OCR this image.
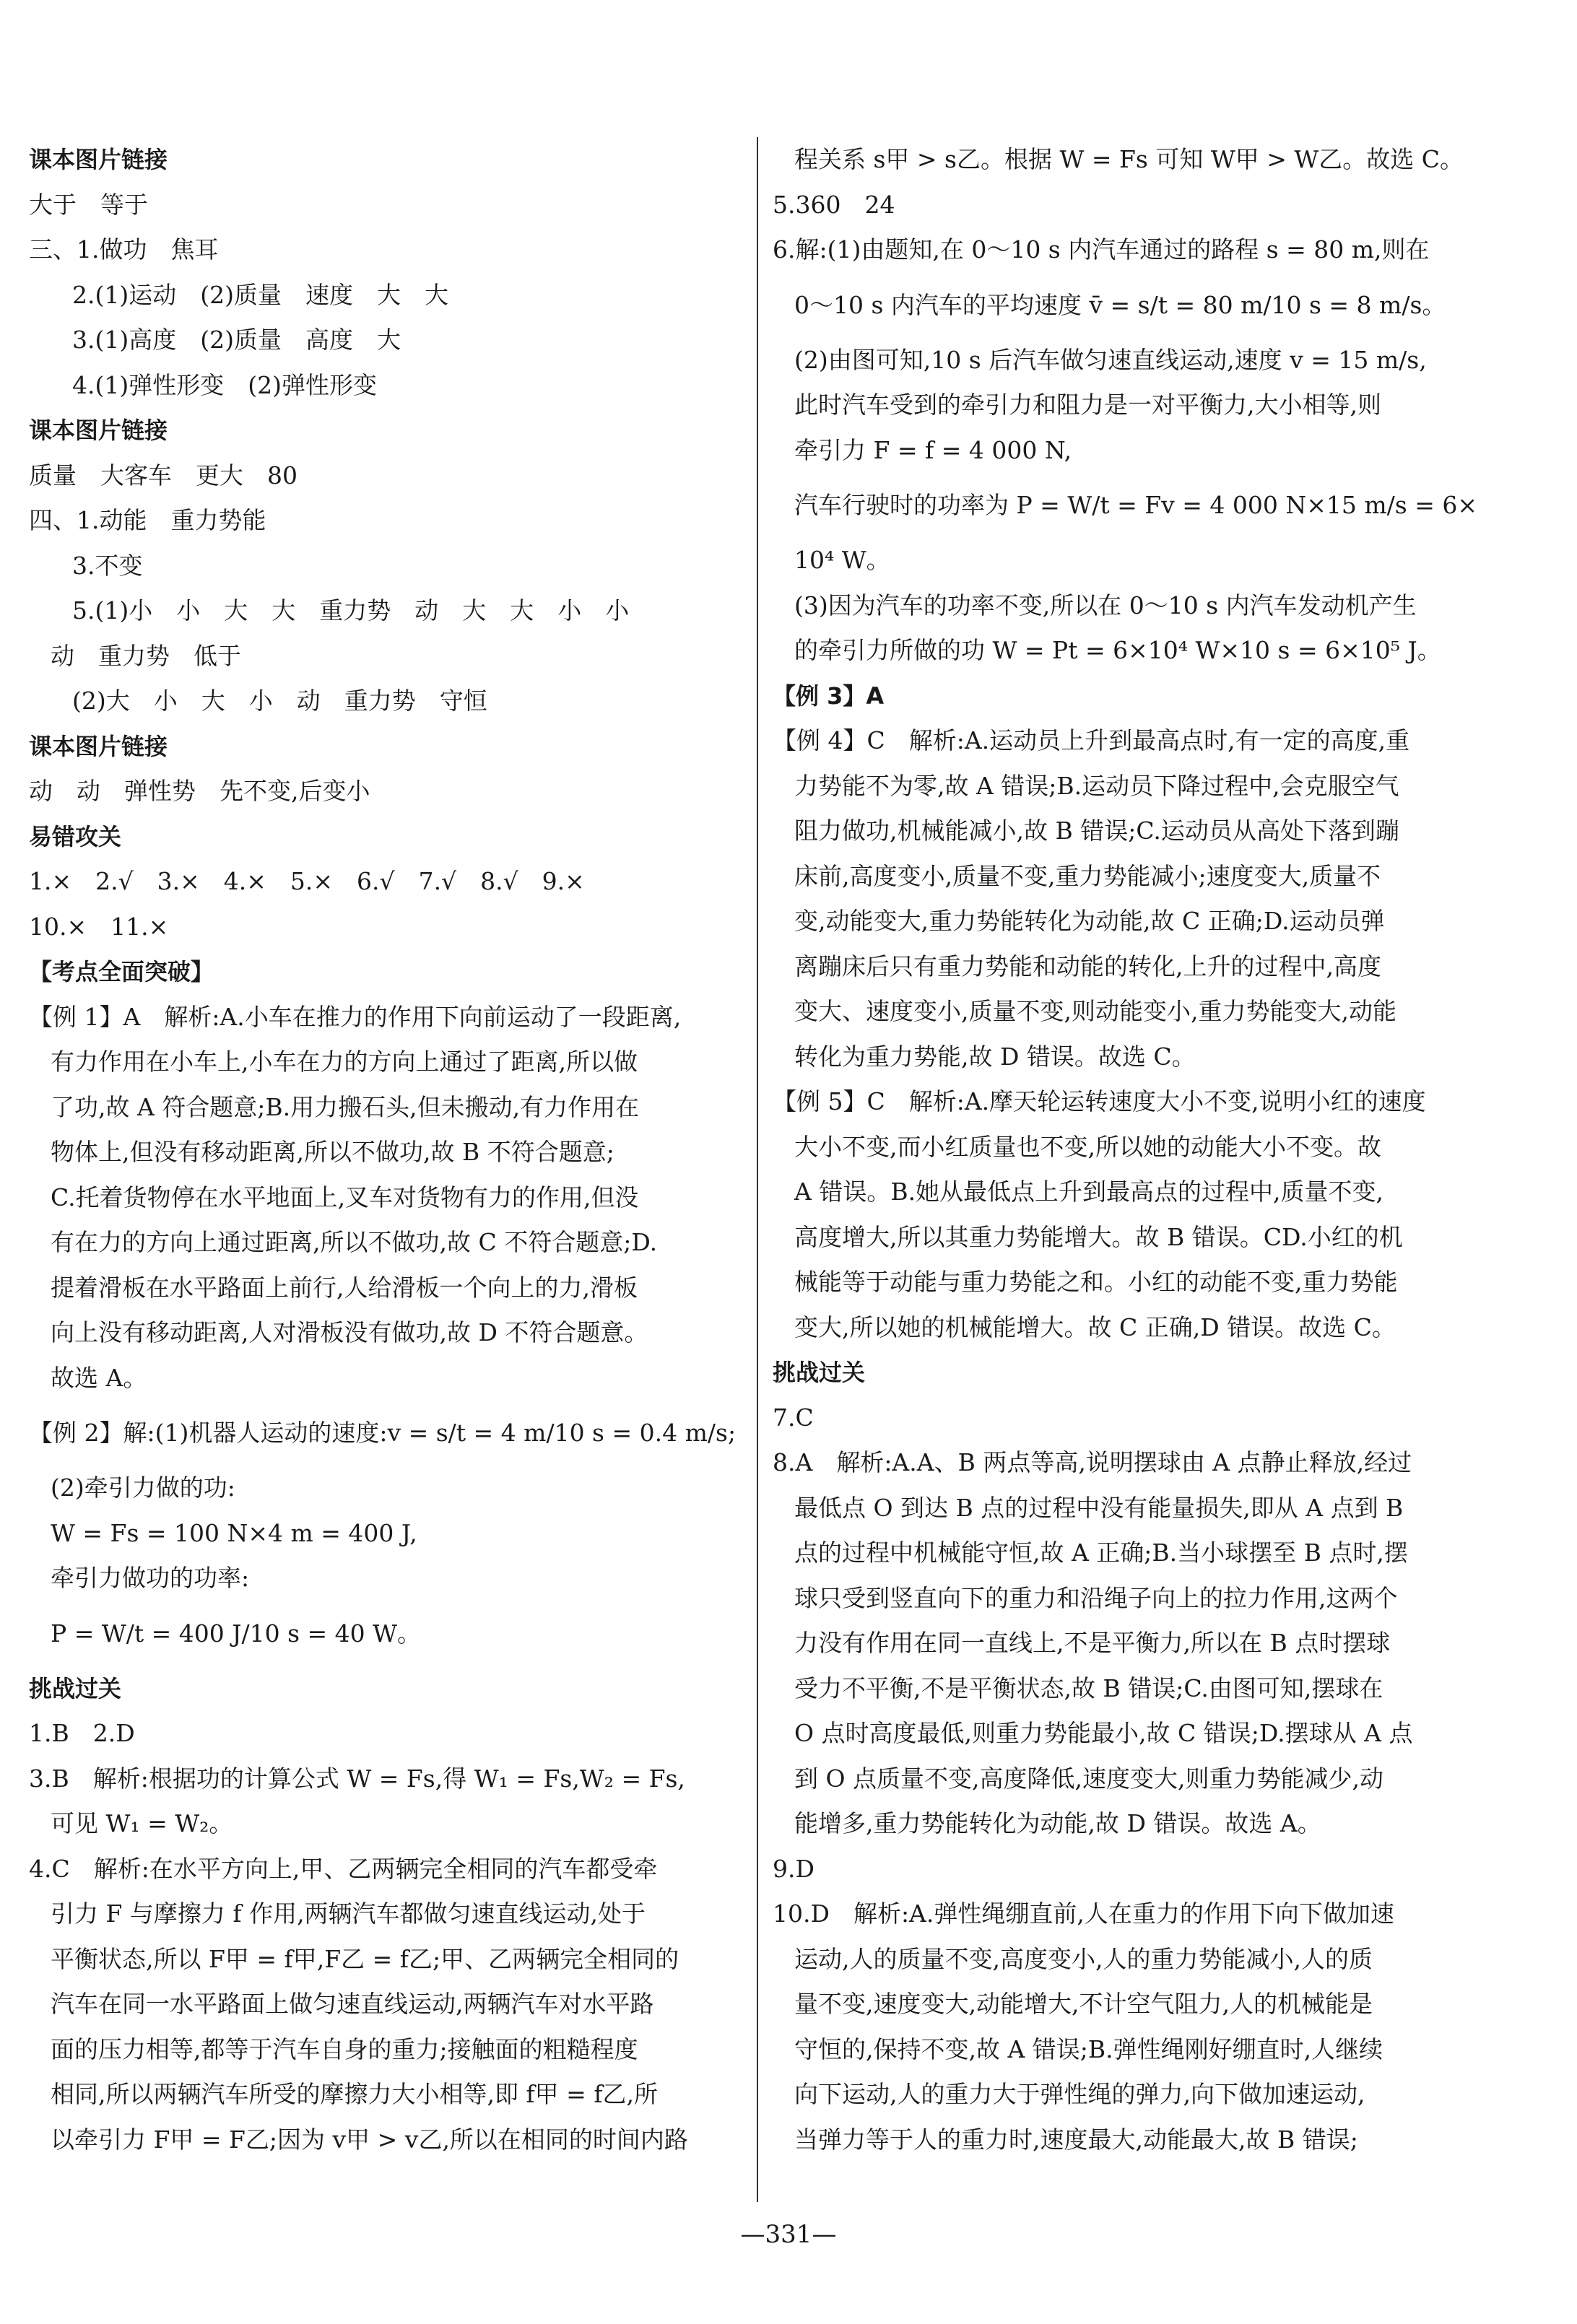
课本图片链接
大于　等于
三、1.做功　焦耳
2.(1)运动　(2)质量　速度　大　大
3.(1)高度　(2)质量　高度　大
4.(1)弹性形变　(2)弹性形变
课本图片链接
质量　大客车　更大　80
四、1.动能　重力势能
3.不变
5.(1)小　小　大　大　重力势　动　大　大　小　小
动　重力势　低于
(2)大　小　大　小　动　重力势　守恒
课本图片链接
动　动　弹性势　先不变,后变小
易错攻关
1.×　2.√　3.×　4.×　5.×　6.√　7.√　8.√　9.×
10.×　11.×
【考点全面突破】
【例 1】A　解析:A.小车在推力的作用下向前运动了一段距离,
有力作用在小车上,小车在力的方向上通过了距离,所以做
了功,故 A 符合题意;B.用力搬石头,但未搬动,有力作用在
物体上,但没有移动距离,所以不做功,故 B 不符合题意;
C.托着货物停在水平地面上,叉车对货物有力的作用,但没
有在力的方向上通过距离,所以不做功,故 C 不符合题意;D.
提着滑板在水平路面上前行,人给滑板一个向上的力,滑板
向上没有移动距离,人对滑板没有做功,故 D 不符合题意。
故选 A。
【例 2】解:(1)机器人运动的速度:v = s/t = 4 m/10 s = 0.4 m/s;
(2)牵引力做的功:
W = Fs = 100 N×4 m = 400 J,
牵引力做功的功率:
P = W/t = 400 J/10 s = 40 W。
挑战过关
1.B　2.D
3.B　解析:根据功的计算公式 W = Fs,得 W₁ = Fs,W₂ = Fs,
可见 W₁ = W₂。
4.C　解析:在水平方向上,甲、乙两辆完全相同的汽车都受牵
引力 F 与摩擦力 f 作用,两辆汽车都做匀速直线运动,处于
平衡状态,所以 F甲 = f甲,F乙 = f乙;甲、乙两辆完全相同的
汽车在同一水平路面上做匀速直线运动,两辆汽车对水平路
面的压力相等,都等于汽车自身的重力;接触面的粗糙程度
相同,所以两辆汽车所受的摩擦力大小相等,即 f甲 = f乙,所
以牵引力 F甲 = F乙;因为 v甲 > v乙,所以在相同的时间内路
程关系 s甲 > s乙。根据 W = Fs 可知 W甲 > W乙。故选 C。
5.360　24
6.解:(1)由题知,在 0～10 s 内汽车通过的路程 s = 80 m,则在
0～10 s 内汽车的平均速度 v̄ = s/t = 80 m/10 s = 8 m/s。
(2)由图可知,10 s 后汽车做匀速直线运动,速度 v = 15 m/s,
此时汽车受到的牵引力和阻力是一对平衡力,大小相等,则
牵引力 F = f = 4 000 N,
汽车行驶时的功率为 P = W/t = Fv = 4 000 N×15 m/s = 6×
10⁴ W。
(3)因为汽车的功率不变,所以在 0～10 s 内汽车发动机产生
的牵引力所做的功 W = Pt = 6×10⁴ W×10 s = 6×10⁵ J。
【例 3】A
【例 4】C　解析:A.运动员上升到最高点时,有一定的高度,重
力势能不为零,故 A 错误;B.运动员下降过程中,会克服空气
阻力做功,机械能减小,故 B 错误;C.运动员从高处下落到蹦
床前,高度变小,质量不变,重力势能减小;速度变大,质量不
变,动能变大,重力势能转化为动能,故 C 正确;D.运动员弹
离蹦床后只有重力势能和动能的转化,上升的过程中,高度
变大、速度变小,质量不变,则动能变小,重力势能变大,动能
转化为重力势能,故 D 错误。故选 C。
【例 5】C　解析:A.摩天轮运转速度大小不变,说明小红的速度
大小不变,而小红质量也不变,所以她的动能大小不变。故
A 错误。B.她从最低点上升到最高点的过程中,质量不变,
高度增大,所以其重力势能增大。故 B 错误。CD.小红的机
械能等于动能与重力势能之和。小红的动能不变,重力势能
变大,所以她的机械能增大。故 C 正确,D 错误。故选 C。
挑战过关
7.C
8.A　解析:A.A、B 两点等高,说明摆球由 A 点静止释放,经过
最低点 O 到达 B 点的过程中没有能量损失,即从 A 点到 B
点的过程中机械能守恒,故 A 正确;B.当小球摆至 B 点时,摆
球只受到竖直向下的重力和沿绳子向上的拉力作用,这两个
力没有作用在同一直线上,不是平衡力,所以在 B 点时摆球
受力不平衡,不是平衡状态,故 B 错误;C.由图可知,摆球在
O 点时高度最低,则重力势能最小,故 C 错误;D.摆球从 A 点
到 O 点质量不变,高度降低,速度变大,则重力势能减少,动
能增多,重力势能转化为动能,故 D 错误。故选 A。
9.D
10.D　解析:A.弹性绳绷直前,人在重力的作用下向下做加速
运动,人的质量不变,高度变小,人的重力势能减小,人的质
量不变,速度变大,动能增大,不计空气阻力,人的机械能是
守恒的,保持不变,故 A 错误;B.弹性绳刚好绷直时,人继续
向下运动,人的重力大于弹性绳的弹力,向下做加速运动,
当弹力等于人的重力时,速度最大,动能最大,故 B 错误;
—331—
